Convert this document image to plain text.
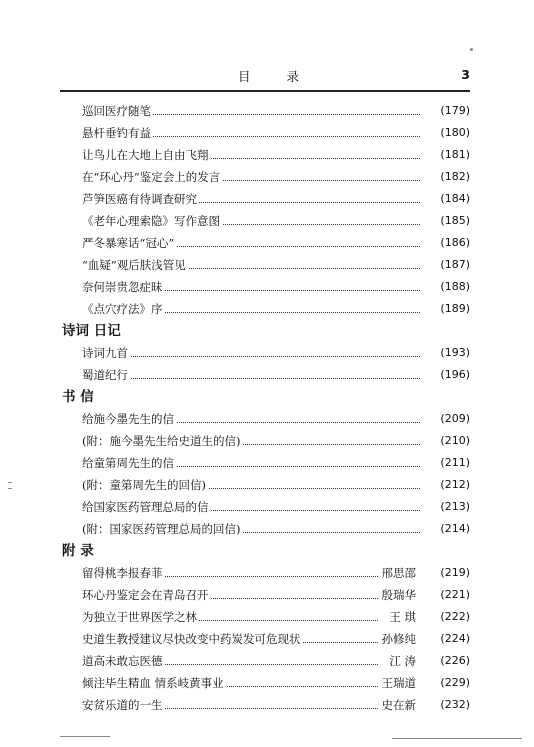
目 录	3
巡回医疗随笔	(179)
悬杆垂钓有益	(180)
让鸟儿在大地上自由飞翔	(181)
在“环心丹”鉴定会上的发言	(182)
芦笋医癌有待调查研究	(184)
《老年心理索隐》写作意图	(185)
严冬暴寒话“冠心”	(186)
“血疑”观后肤浅管见	(187)
奈何崇贵忽症昧	(188)
《点穴疗法》序	(189)
诗词 日记
诗词九首	(193)
蜀道纪行	(196)
书 信
给施今墨先生的信	(209)
(附：施今墨先生给史道生的信)	(210)
给童第周先生的信	(211)
(附：童第周先生的回信)	(212)
给国家医药管理总局的信	(213)
(附：国家医药管理总局的回信)	(214)
附 录
留得桃李报春菲	邢思邵 (219)
环心丹鉴定会在青岛召开	殷瑞华 (221)
为独立于世界医学之林	王 琪 (222)
史道生教授建议尽快改变中药炭发可危现状	孙修纯 (224)
道高未敢忘医德	江 涛 (226)
倾注毕生精血 情系岐黄事业	王瑞道 (229)
安贫乐道的一生	史在新 (232)
